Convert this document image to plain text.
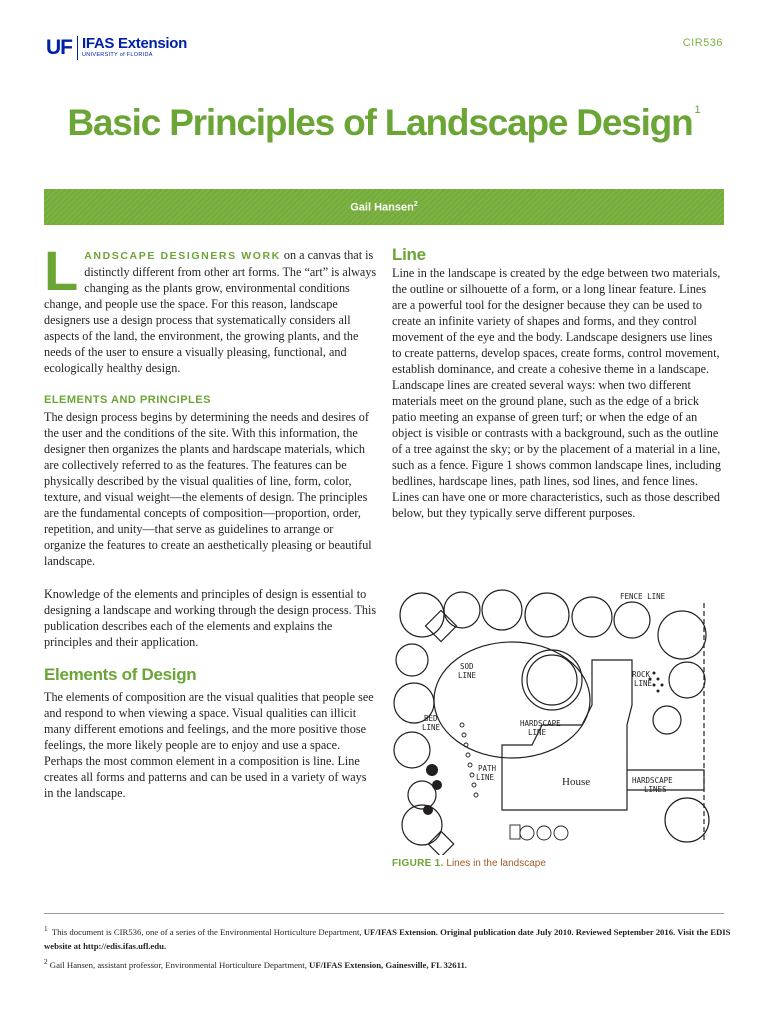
UF IFAS Extension
UNIVERSITY of FLORIDA
CIR536
Basic Principles of Landscape Design $^1$
Gail Hansen$^2$

LANDSCAPE DESIGNERS WORK on a canvas that is distinctly different from other art forms. The “art” is always changing as the plants grow, environmental conditions change, and people use the space. For this reason, landscape designers use a design process that systematically considers all aspects of the land, the environment, the growing plants, and the needs of the user to ensure a visually pleasing, functional, and ecologically healthy design.

ELEMENTS AND PRINCIPLES

The design process begins by determining the needs and desires of the user and the conditions of the site. With this information, the designer then organizes the plants and hardscape materials, which are collectively referred to as the features. The features can be physically described by the visual qualities of line, form, color, texture, and visual weight—the elements of design. The principles are the fundamental concepts of composition—proportion, order, repetition, and unity—that serve as guidelines to arrange or organize the features to create an aesthetically pleasing or beautiful landscape.

Knowledge of the elements and principles of design is essential to designing a landscape and working through the design process. This publication describes each of the elements and explains the principles and their application.

Elements of Design

The elements of composition are the visual qualities that people see and respond to when viewing a space. Visual qualities can illicit many different emotions and feelings, and the more positive those feelings, the more likely people are to enjoy and use a space. Perhaps the most common element in a composition is line. Line creates all forms and patterns and can be used in a variety of ways in the landscape.

Line

Line in the landscape is created by the edge between two materials, the outline or silhouette of a form, or a long linear feature. Lines are a powerful tool for the designer because they can be used to create an infinite variety of shapes and forms, and they control movement of the eye and the body. Landscape designers use lines to create patterns, develop spaces, create forms, control movement, establish dominance, and create a cohesive theme in a landscape. Landscape lines are created several ways: when two different materials meet on the ground plane, such as the edge of a brick patio meeting an expanse of green turf; or when the edge of an object is visible or contrasts with a background, such as the outline of a tree against the sky; or by the placement of a material in a line, such as a fence. Figure 1 shows common landscape lines, including bedlines, hardscape lines, path lines, sod lines, and fence lines. Lines can have one or more characteristics, such as those described below, but they typically serve different purposes.

FENCE LINE
SOD
LINE	ROCK
LINE
BED
LINE	HARDSCAPE
LINE
PATH
LINE	House	HARDSCAPE
LINES
FIGURE 1. Lines in the landscape

$^1$ This document is CIR536, one of a series of the Environmental Horticulture Department, UF/IFAS Extension. Original publication date July 2010. Reviewed September 2016. Visit the EDIS website at http://edis.ifas.ufl.edu.

$^2$ Gail Hansen, assistant professor, Environmental Horticulture Department, UF/IFAS Extension, Gainesville, FL 32611.
